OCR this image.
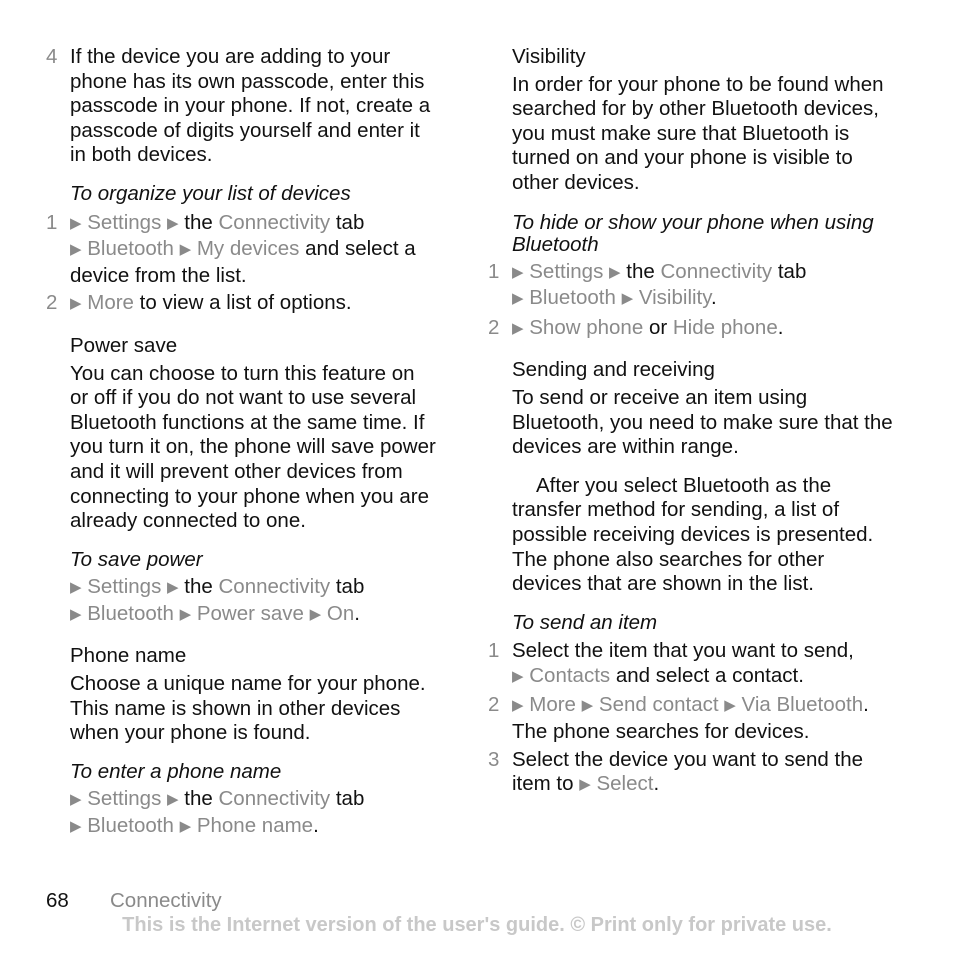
4 If the device you are adding to your phone has its own passcode, enter this passcode in your phone. If not, create a passcode of digits yourself and enter it in both devices.
To organize your list of devices
1 ▶ Settings ▶ the Connectivity tab
▶ Bluetooth ▶ My devices and select a device from the list.
2 ▶ More to view a list of options.
Power save
You can choose to turn this feature on or off if you do not want to use several Bluetooth functions at the same time. If you turn it on, the phone will save power and it will prevent other devices from connecting to your phone when you are already connected to one.
To save power
▶ Settings ▶ the Connectivity tab
▶ Bluetooth ▶ Power save ▶ On.
Phone name
Choose a unique name for your phone. This name is shown in other devices when your phone is found.
To enter a phone name
▶ Settings ▶ the Connectivity tab
▶ Bluetooth ▶ Phone name.
Visibility
In order for your phone to be found when searched for by other Bluetooth devices, you must make sure that Bluetooth is turned on and your phone is visible to other devices.
To hide or show your phone when using Bluetooth
1 ▶ Settings ▶ the Connectivity tab
▶ Bluetooth ▶ Visibility.
2 ▶ Show phone or Hide phone.
Sending and receiving
To send or receive an item using Bluetooth, you need to make sure that the devices are within range.
After you select Bluetooth as the transfer method for sending, a list of possible receiving devices is presented. The phone also searches for other devices that are shown in the list.
To send an item
1 Select the item that you want to send,
▶ Contacts and select a contact.
2 ▶ More ▶ Send contact ▶ Via Bluetooth. The phone searches for devices.
3 Select the device you want to send the item to ▶ Select.
68 Connectivity
This is the Internet version of the user's guide. © Print only for private use.
